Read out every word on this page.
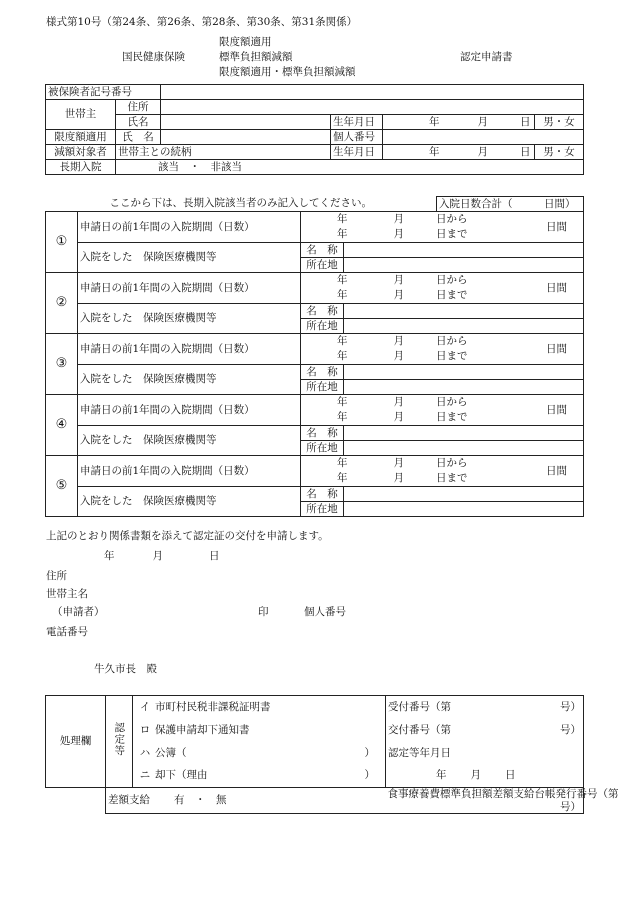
様式第10号（第24条、第26条、第28条、第30条、第31条関係）
限度額適用
国民健康保険	標準負担額減額	認定申請書
限度額適用・標準負担額減額
被保険者記号番号					
世帯主	住所				
	氏名		生年月日	年 月 日	男・女
限度額適用	氏　名		個人番号		
減額対象者	世帯主との続柄		生年月日	年 月 日	男・女
長期入院	該当　・　非該当				
ここから下は、長期入院該当者のみ記入してください。				入院日数合計（　　　日間）
①	申請日の前1年間の入院期間（日数）	年 月 日から
年 月 日まで
日間		

	入院をした　保険医療機関等	名　称		
		所在地		
②	申請日の前1年間の入院期間（日数）	年 月 日から
年 月 日まで
日間		

	入院をした　保険医療機関等	名　称		
		所在地		
③	申請日の前1年間の入院期間（日数）	年 月 日から
年 月 日まで
日間		

	入院をした　保険医療機関等	名　称		
		所在地		
④	申請日の前1年間の入院期間（日数）	年 月 日から
年 月 日まで
日間		

	入院をした　保険医療機関等	名　称		
		所在地		
⑤	申請日の前1年間の入院期間（日数）	年 月 日から
年 月 日まで
日間		

	入院をした　保険医療機関等	名　称		
		所在地		
上記のとおり関係書類を添えて認定証の交付を申請します。
年	月	日
住所
世帯主名
（申請者）	印	個人番号
電話番号
牛久市長　殿
処理欄	認定等	イ 市町村民税非課税証明書	受付番号（第 号）

		ロ 保護申請却下通知書	交付番号（第 号）

		ハ 公簿（ ）	認定等年月日
		ニ 却下（理由 ）	年 月 日
	差額支給 有　・　無		食事療養費標準負担額差額支給台帳発行番号（第
号）
